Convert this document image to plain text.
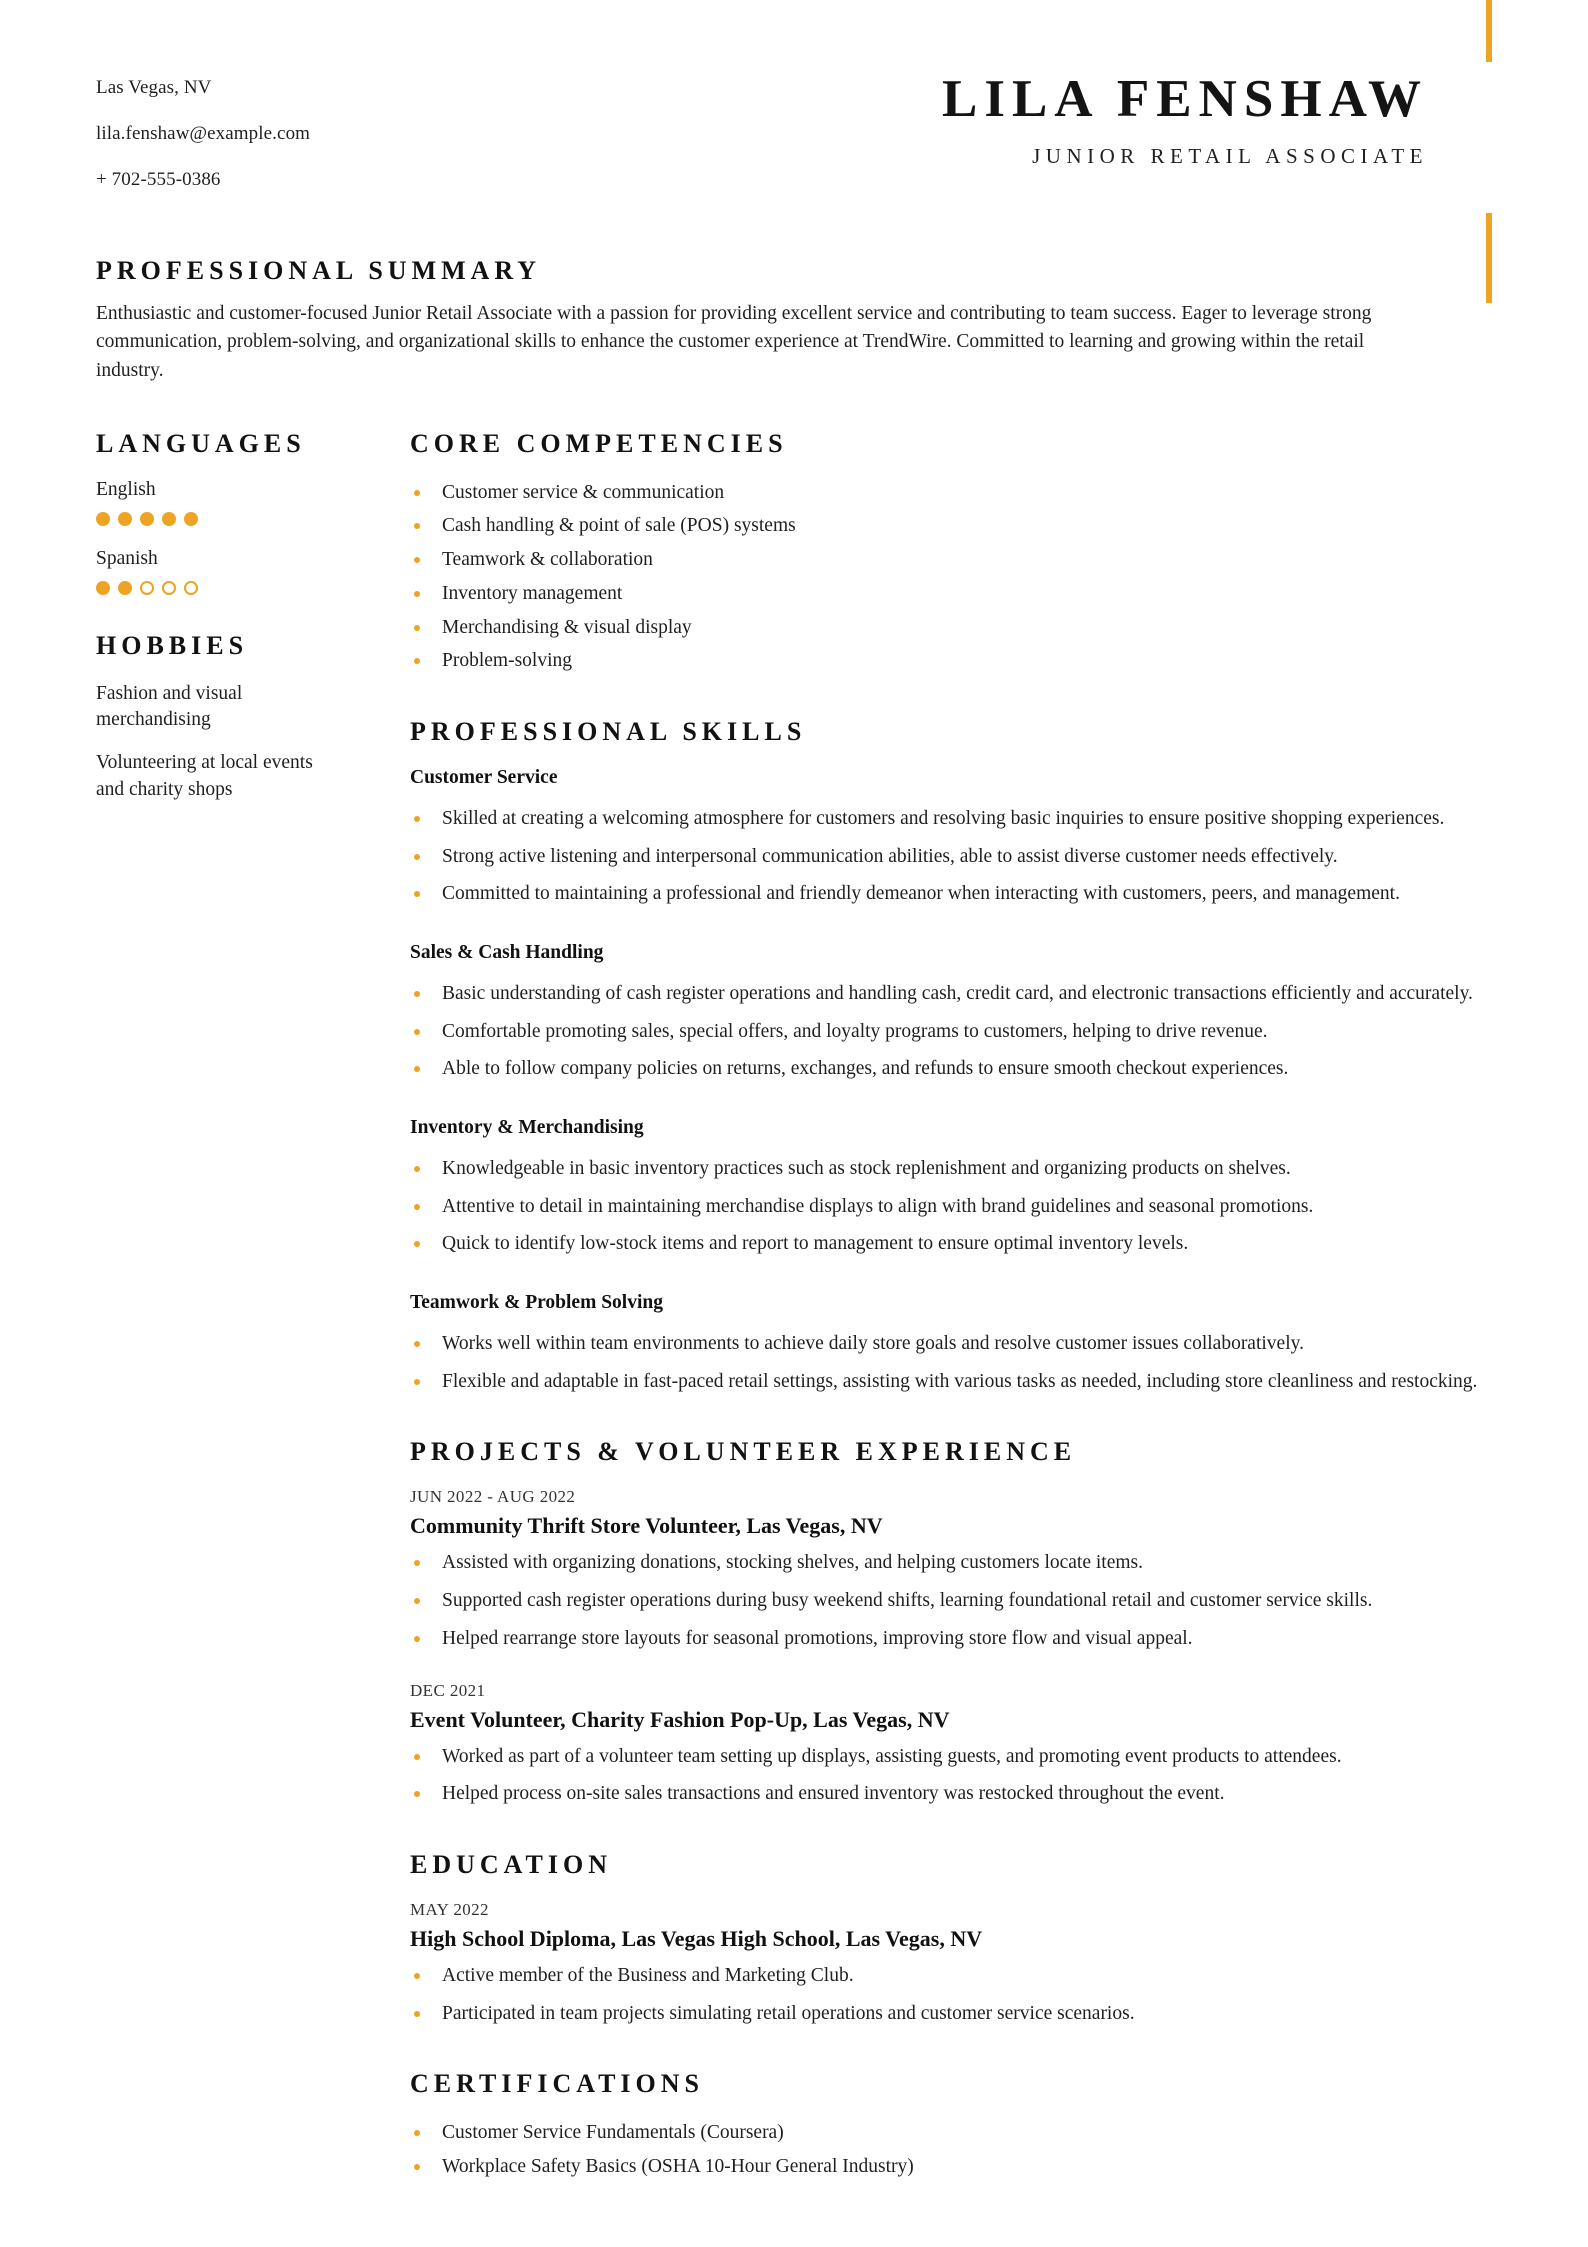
Las Vegas, NV

lila.fenshaw@example.com

+ 702-555-0386

LILA FENSHAW

JUNIOR RETAIL ASSOCIATE

PROFESSIONAL SUMMARY

Enthusiastic and customer-focused Junior Retail Associate with a passion for providing excellent service and contributing to team success. Eager to leverage strong communication, problem-solving, and organizational skills to enhance the customer experience at TrendWire. Committed to learning and growing within the retail industry.

LANGUAGES

English

Spanish

HOBBIES

Fashion and visual merchandising

Volunteering at local events and charity shops

CORE COMPETENCIES
Customer service & communication
Cash handling & point of sale (POS) systems
Teamwork & collaboration
Inventory management
Merchandising & visual display
Problem-solving
PROFESSIONAL SKILLS

Customer Service

Skilled at creating a welcoming atmosphere for customers and resolving basic inquiries to ensure positive shopping experiences.
Strong active listening and interpersonal communication abilities, able to assist diverse customer needs effectively.
Committed to maintaining a professional and friendly demeanor when interacting with customers, peers, and management.

Sales & Cash Handling

Basic understanding of cash register operations and handling cash, credit card, and electronic transactions efficiently and accurately.
Comfortable promoting sales, special offers, and loyalty programs to customers, helping to drive revenue.
Able to follow company policies on returns, exchanges, and refunds to ensure smooth checkout experiences.

Inventory & Merchandising

Knowledgeable in basic inventory practices such as stock replenishment and organizing products on shelves.
Attentive to detail in maintaining merchandise displays to align with brand guidelines and seasonal promotions.
Quick to identify low-stock items and report to management to ensure optimal inventory levels.

Teamwork & Problem Solving

Works well within team environments to achieve daily store goals and resolve customer issues collaboratively.
Flexible and adaptable in fast-paced retail settings, assisting with various tasks as needed, including store cleanliness and restocking.
PROJECTS & VOLUNTEER EXPERIENCE

JUN 2022 - AUG 2022

Community Thrift Store Volunteer, Las Vegas, NV

Assisted with organizing donations, stocking shelves, and helping customers locate items.
Supported cash register operations during busy weekend shifts, learning foundational retail and customer service skills.
Helped rearrange store layouts for seasonal promotions, improving store flow and visual appeal.

DEC 2021

Event Volunteer, Charity Fashion Pop-Up, Las Vegas, NV

Worked as part of a volunteer team setting up displays, assisting guests, and promoting event products to attendees.
Helped process on-site sales transactions and ensured inventory was restocked throughout the event.
EDUCATION

MAY 2022

High School Diploma, Las Vegas High School, Las Vegas, NV

Active member of the Business and Marketing Club.
Participated in team projects simulating retail operations and customer service scenarios.
CERTIFICATIONS
Customer Service Fundamentals (Coursera)
Workplace Safety Basics (OSHA 10-Hour General Industry)
